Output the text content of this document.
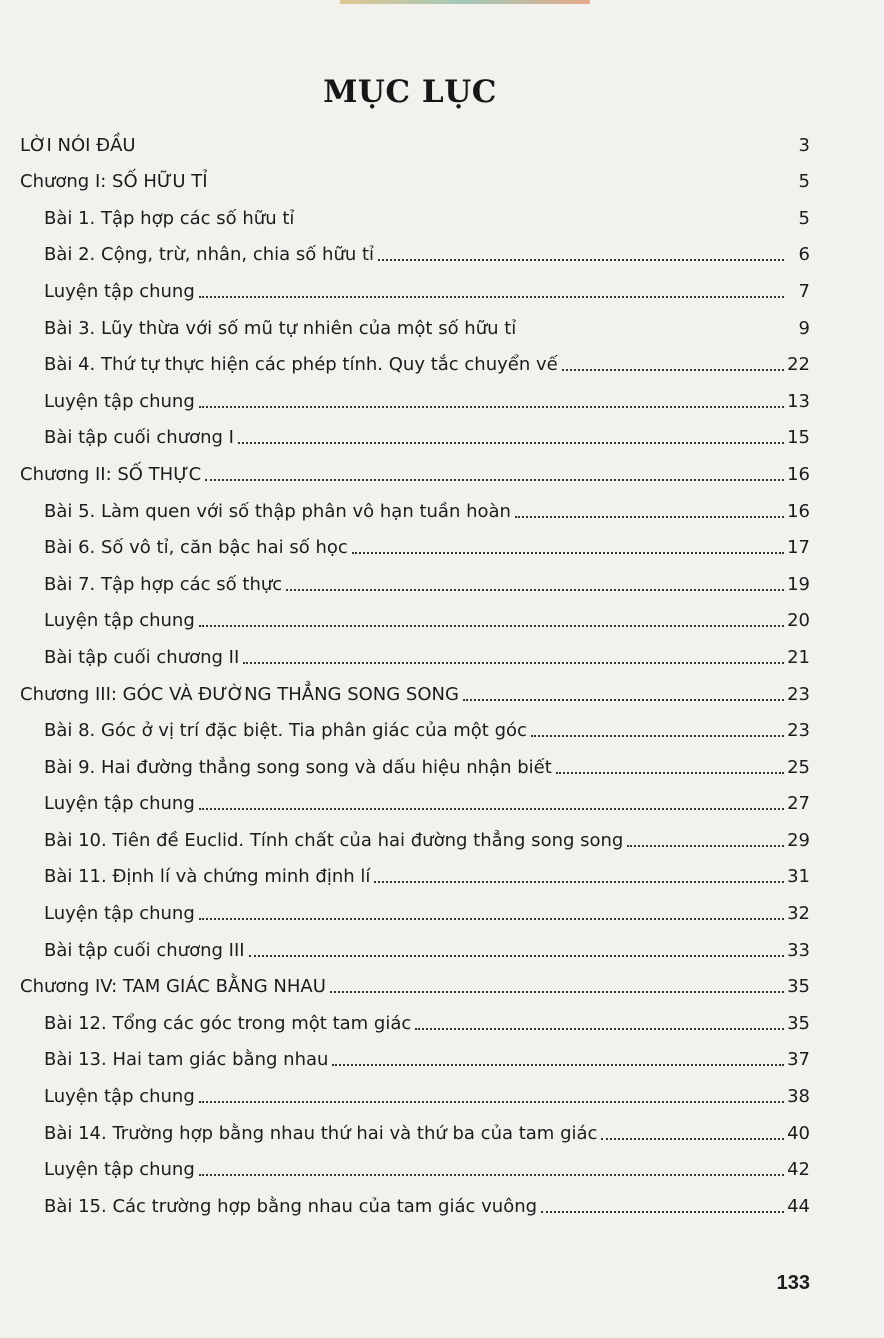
MỤC LỤC
LỜI NÓI ĐẦU	3
Chương I: SỐ HỮU TỈ	5
Bài 1. Tập hợp các số hữu tỉ	5
Bài 2. Cộng, trừ, nhân, chia số hữu tỉ	6
Luyện tập chung	7
Bài 3. Lũy thừa với số mũ tự nhiên của một số hữu tỉ	9
Bài 4. Thứ tự thực hiện các phép tính. Quy tắc chuyển vế	22
Luyện tập chung	13
Bài tập cuối chương I	15
Chương II: SỐ THỰC	16
Bài 5. Làm quen với số thập phân vô hạn tuần hoàn	16
Bài 6. Số vô tỉ, căn bậc hai số học	17
Bài 7. Tập hợp các số thực	19
Luyện tập chung	20
Bài tập cuối chương II	21
Chương III: GÓC VÀ ĐƯỜNG THẲNG SONG SONG	23
Bài 8. Góc ở vị trí đặc biệt. Tia phân giác của một góc	23
Bài 9. Hai đường thẳng song song và dấu hiệu nhận biết	25
Luyện tập chung	27
Bài 10. Tiên đề Euclid. Tính chất của hai đường thẳng song song	29
Bài 11. Định lí và chứng minh định lí	31
Luyện tập chung	32
Bài tập cuối chương III	33
Chương IV: TAM GIÁC BẰNG NHAU	35
Bài 12. Tổng các góc trong một tam giác	35
Bài 13. Hai tam giác bằng nhau	37
Luyện tập chung	38
Bài 14. Trường hợp bằng nhau thứ hai và thứ ba của tam giác	40
Luyện tập chung	42
Bài 15. Các trường hợp bằng nhau của tam giác vuông	44
133
